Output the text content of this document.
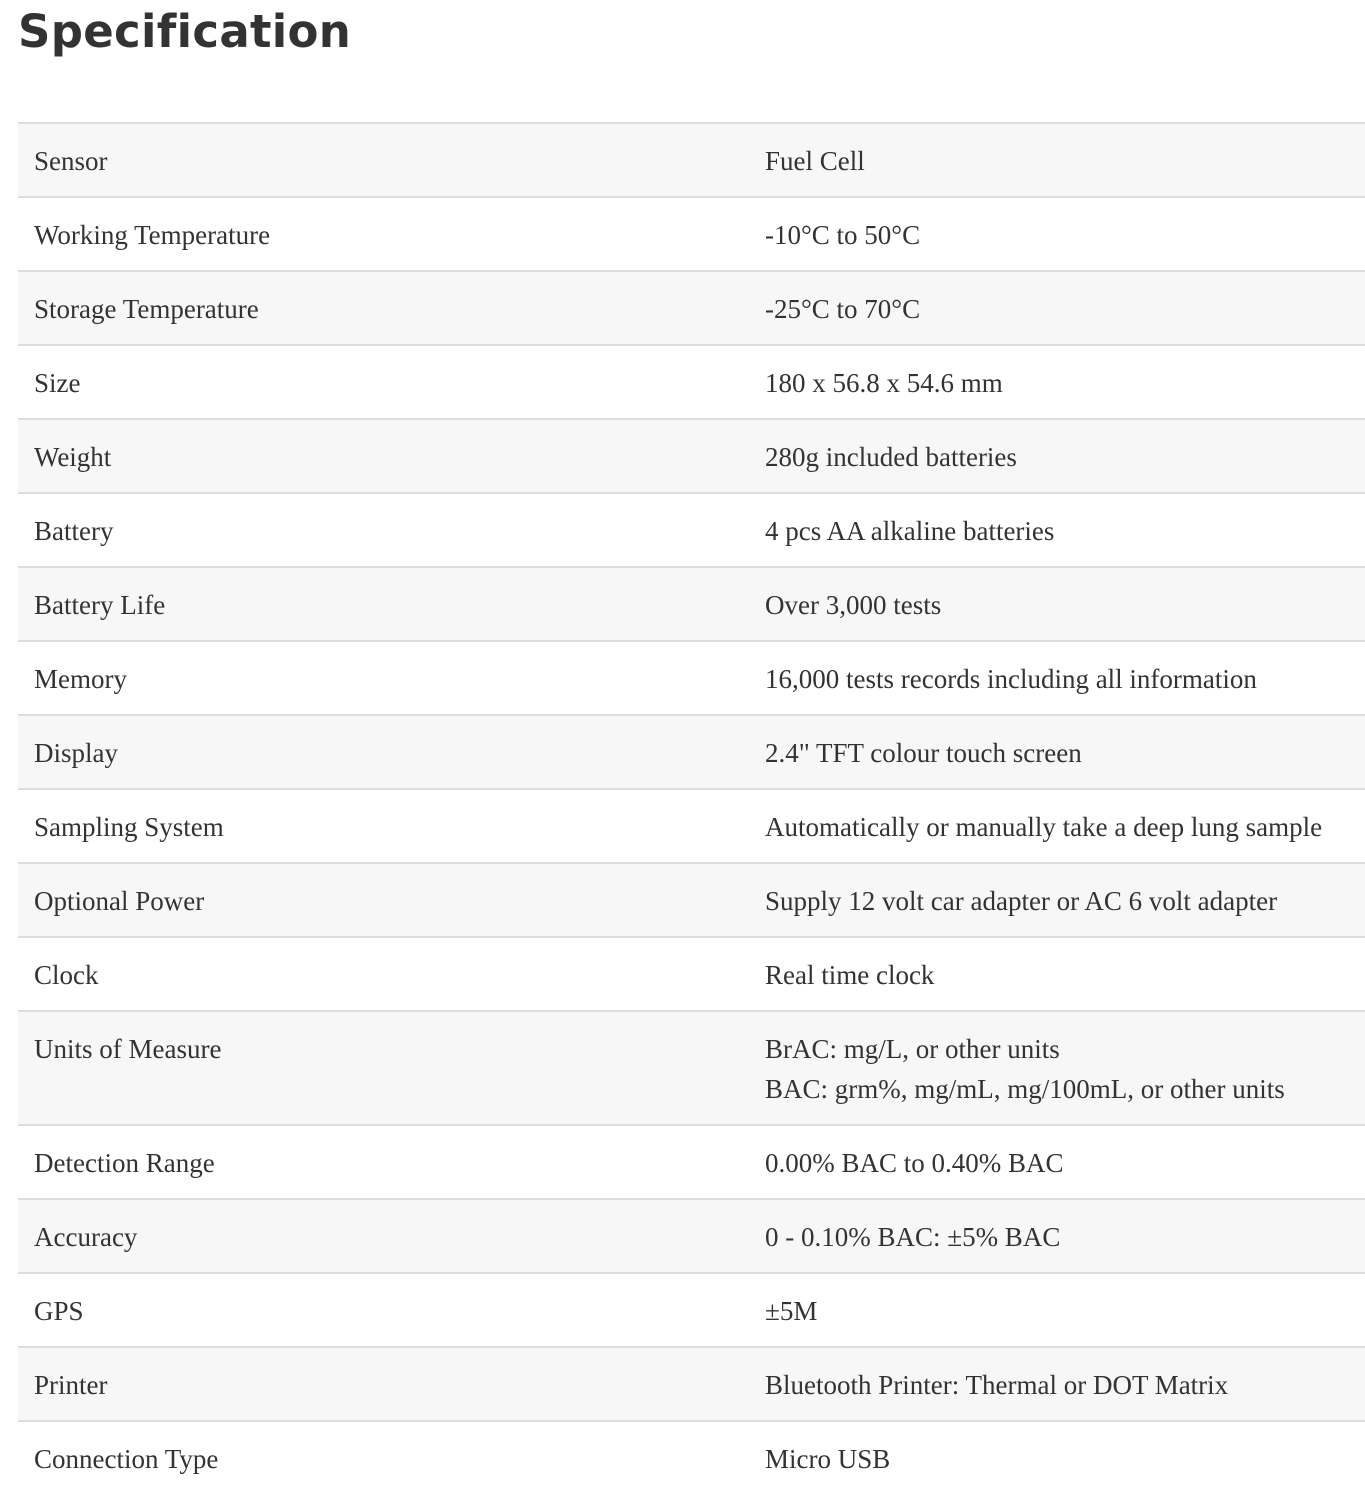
Specification
Sensor	Fuel Cell

Working Temperature	-10°C to 50°C

Storage Temperature	-25°C to 70°C

Size	180 x 56.8 x 54.6 mm

Weight	280g included batteries

Battery	4 pcs AA alkaline batteries

Battery Life	Over 3,000 tests

Memory	16,000 tests records including all information

Display	2.4" TFT colour touch screen

Sampling System	Automatically or manually take a deep lung sample

Optional Power	Supply 12 volt car adapter or AC 6 volt adapter

Clock	Real time clock

Units of Measure	BrAC: mg/L, or other units
BAC: grm%, mg/mL, mg/100mL, or other units

Detection Range	0.00% BAC to 0.40% BAC

Accuracy	0 - 0.10% BAC: ±5% BAC

GPS	±5M

Printer	Bluetooth Printer: Thermal or DOT Matrix

Connection Type	Micro USB
